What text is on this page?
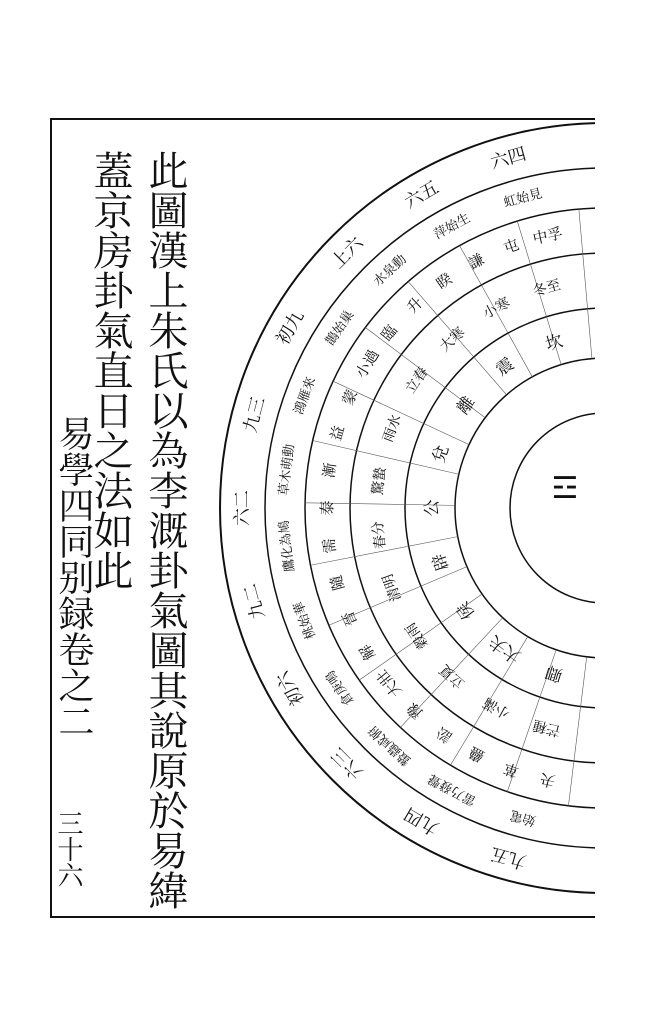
此圖漢上朱氏以為李溉卦氣圖其說原於易緯
蓋京房卦氣直日之法如此
易學四同别録卷之二
三十六
六四
六五
上六
初九
九三
六二
九二
初六
六三
九四
九五
虹始見
萍始生
水泉動
鵲始巢
鴻雁來
草木萌動
鷹化為鳩
桃始華
倉庚鳴
蟄蟲咸俯
雷乃發聲
始電
中孚
屯
謙
睽
升
臨
小過
蒙
益
漸
泰
需
隨
晉
解
大壯
豫
訟
蠱
革 夬
冬至
小寒
大寒
立春
雨水
驚蟄
春分
清明
穀雨
立夏
小滿
芒種
坎
震
離
兌
公
辟
侯
大夫
卿
☲
